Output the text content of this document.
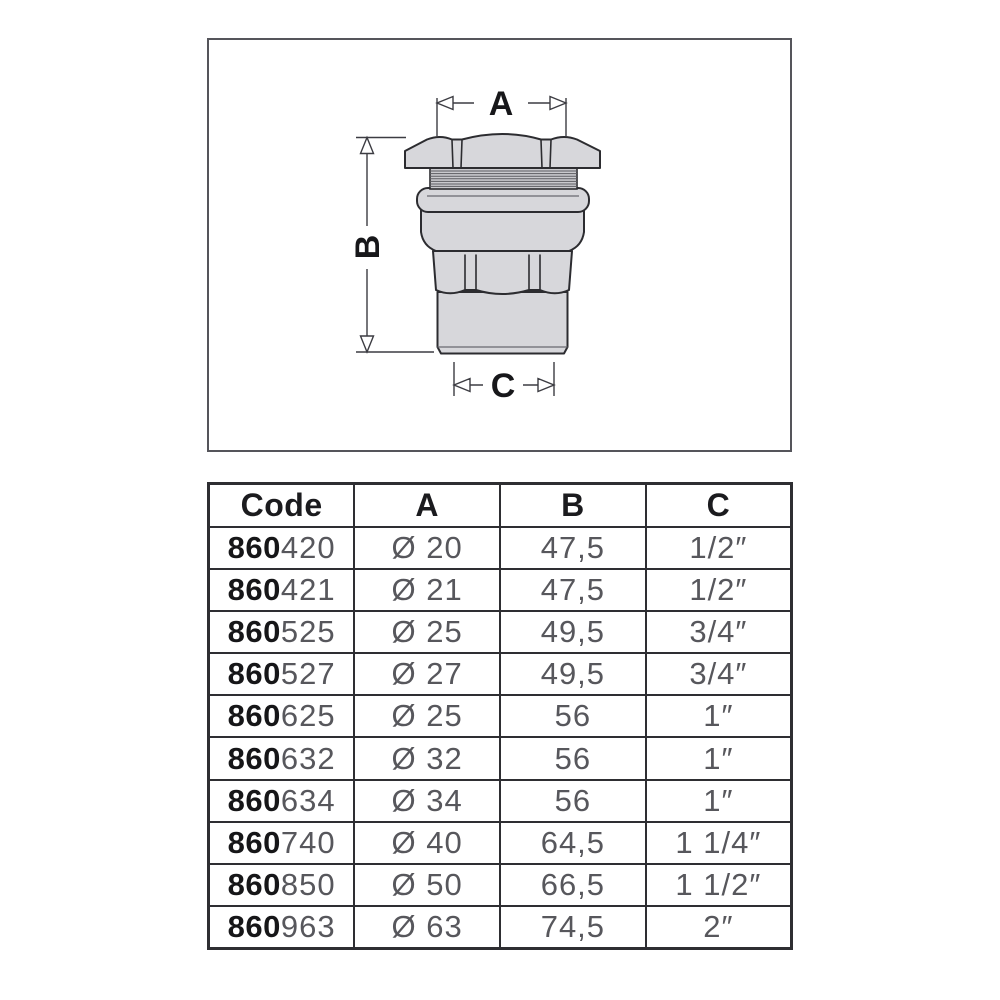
A
B
C
Code	A	B	C
860420	Ø 20	47,5	1/2″
860421	Ø 21	47,5	1/2″
860525	Ø 25	49,5	3/4″
860527	Ø 27	49,5	3/4″
860625	Ø 25	56	1″
860632	Ø 32	56	1″
860634	Ø 34	56	1″
860740	Ø 40	64,5	1 1/4″
860850	Ø 50	66,5	1 1/2″
860963	Ø 63	74,5	2″
